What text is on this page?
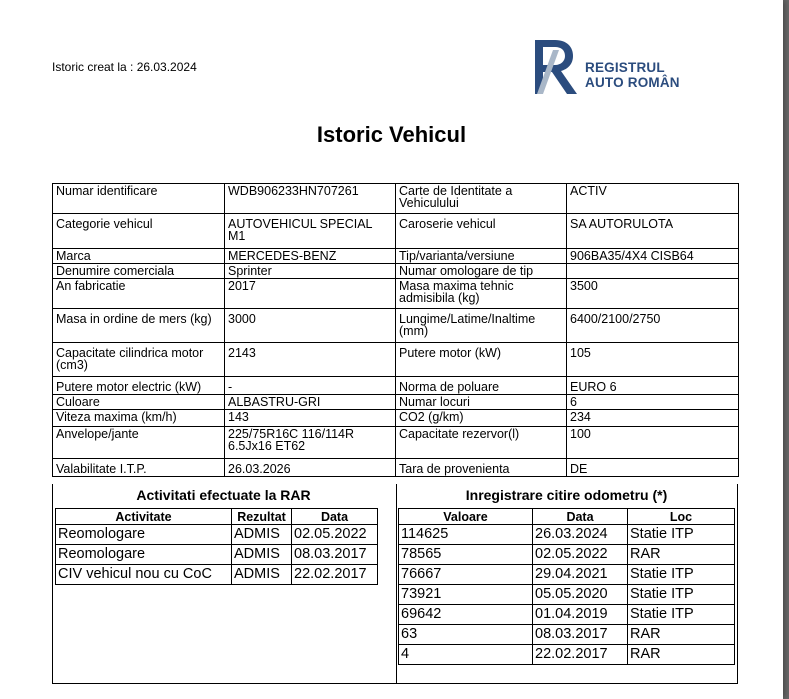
Istoric creat la : 26.03.2024	REGISTRUL
AUTO ROMÂN
Istoric Vehicul
Numar identificare	WDB906233HN707261	Carte de Identitate a Vehiculului	ACTIV
Categorie vehicul	AUTOVEHICUL SPECIAL M1	Caroserie vehicul	SA AUTORULOTA
Marca	MERCEDES-BENZ	Tip/varianta/versiune	906BA35/4X4 CISB64
Denumire comerciala	Sprinter	Numar omologare de tip	
An fabricatie	2017	Masa maxima tehnic admisibila (kg)	3500
Masa in ordine de mers (kg)	3000	Lungime/Latime/Inaltime (mm)	6400/2100/2750
Capacitate cilindrica motor (cm3)	2143	Putere motor (kW)	105
Putere motor electric (kW)	-	Norma de poluare	EURO 6
Culoare	ALBASTRU-GRI	Numar locuri	6
Viteza maxima (km/h)	143	CO2 (g/km)	234
Anvelope/jante	225/75R16C 116/114R 6.5Jx16 ET62	Capacitate rezervor(l)	100
Valabilitate I.T.P.	26.03.2026	Tara de provenienta	DE
Activitati efectuate la RAR	Inregistrare citire odometru (*)
Activitate	Rezultat	Data
Reomologare	ADMIS	02.05.2022
Reomologare	ADMIS	08.03.2017
CIV vehicul nou cu CoC	ADMIS	22.02.2017
Valoare	Data	Loc
114625	26.03.2024	Statie ITP
78565	02.05.2022	RAR
76667	29.04.2021	Statie ITP
73921	05.05.2020	Statie ITP
69642	01.04.2019	Statie ITP
63	08.03.2017	RAR
4	22.02.2017	RAR
